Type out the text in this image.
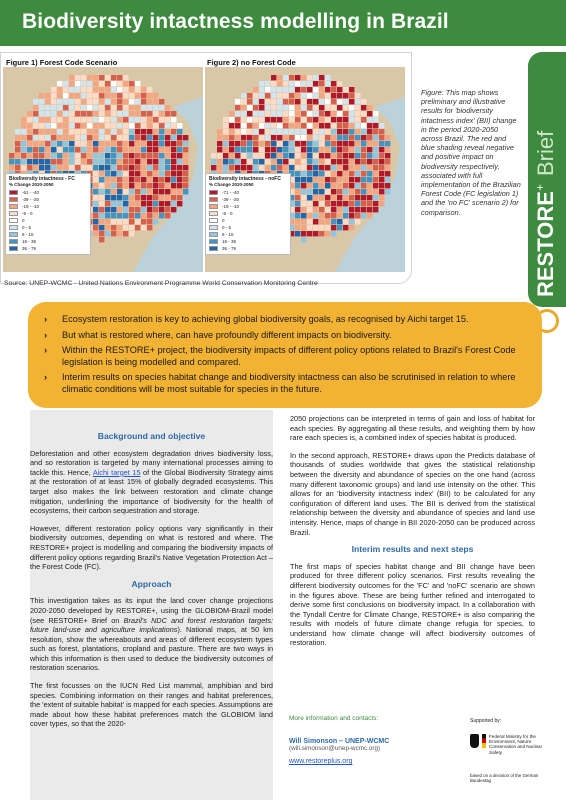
Biodiversity intactness modelling in Brazil
Figure 1) Forest Code Scenario	Figure 2) no Forest Code
Biodiversity intactness - FC
% Change 2020-2050
-61 - -40
-39 - -20
-19 - -10
-9 - 0
0
0 - 5
6 - 15
16 - 35
36 - 79
Biodiversity intactness - noFC
% Change 2020-2050
-71 - -40
-39 - -20
-19 - -10
-8 - 0
0
0 - 5
6 - 15
16 - 35
36 - 79

Figure: This map shows preliminary and illustrative results for 'biodiversity intactness index' (BII) change in the period 2020-2050 across Brazil. The red and blue shading reveal negative and positive impact on biodiversity respectively, associated with full implementation of the Brazilian Forest Code (FC legislation 1) and the 'no FC' scenario 2) for comparison.	RESTORE+Brief
Source: UNEP-WCMC - United Nations Environment Programme World Conservation Monitoring Centre
› Ecosystem restoration is key to achieving global biodiversity goals, as recognised by Aichi target 15.
› But what is restored where, can have profoundly different impacts on biodiversity.
› Within the RESTORE+ project, the biodiversity impacts of different policy options related to Brazil's Forest Code legislation is being modelled and compared.
› Interim results on species habitat change and biodiversity intactness can also be scrutinised in relation to where climatic conditions will be most suitable for species in the future.
Background and objective

Deforestation and other ecosystem degradation drives biodiversity loss, and so restoration is targeted by many international processes aiming to tackle this. Hence, Aichi target 15 of the Global Biodiversity Strategy aims at the restoration of at least 15% of globally degraded ecosystems. This target also makes the link between restoration and climate change mitigation, underlining the importance of biodiversity for the health of ecosystems, their carbon sequestration and storage.

However, different restoration policy options vary significantly in their biodiversity outcomes, depending on what is restored and where. The RESTORE+ project is modelling and comparing the biodiversity impacts of different policy options regarding Brazil's Native Vegetation Protection Act – the Forest Code (FC).

Approach

This investigation takes as its input the land cover change projections 2020-2050 developed by RESTORE+, using the GLOBIOM-Brazil model (see RESTORE+ Brief on Brazil's NDC and forest restoration targets: future land-use and agriculture implications). National maps, at 50 km resolution, show the whereabouts and areas of different ecosystem types such as forest, plantations, cropland and pasture. There are two ways in which this information is then used to deduce the biodiversity outcomes of restoration scenarios.

The first focusses on the IUCN Red List mammal, amphibian and bird species. Combining information on their ranges and habitat preferences, the 'extent of suitable habitat' is mapped for each species. Assumptions are made about how these habitat preferences match the GLOBIOM land cover types, so that the 2020-

2050 projections can be interpreted in terms of gain and loss of habitat for each species. By aggregating all these results, and weighting them by how rare each species is, a combined index of species habitat is produced.

In the second approach, RESTORE+ draws upon the Predicts database of thousands of studies worldwide that gives the statistical relationship between the diversity and abundance of species on the one hand (across many different taxonomic groups) and land use intensity on the other. This allows for an 'biodiversity intactness index' (BII) to be calculated for any configuration of different land uses. The BII is derived from the statistical relationship between the diversity and abundance of species and land use intensity. Hence, maps of change in BII 2020-2050 can be produced across Brazil.

Interim results and next steps

The first maps of species habitat change and BII change have been produced for three different policy scenarios. First results revealing the different biodiversity outcomes for the 'FC' and 'noFC' scenario are shown in the figures above. These are being further refined and interrogated to derive some first conclusions on biodiversity impact. In a collaboration with the Tyndall Centre for Climate Change, RESTORE+ is also comparing the results with models of future climate change refugia for species, to understand how climate change will affect biodiversity outcomes of restoration.

More information and contacts:
Will Simonson – UNEP-WCMC
(will.simonson@unep-wcmc.org)
www.restoreplus.org
Supported by:
Federal Ministry for the Environment, Nature Conservation and Nuclear Safety
based on a decision of the German Bundestag
